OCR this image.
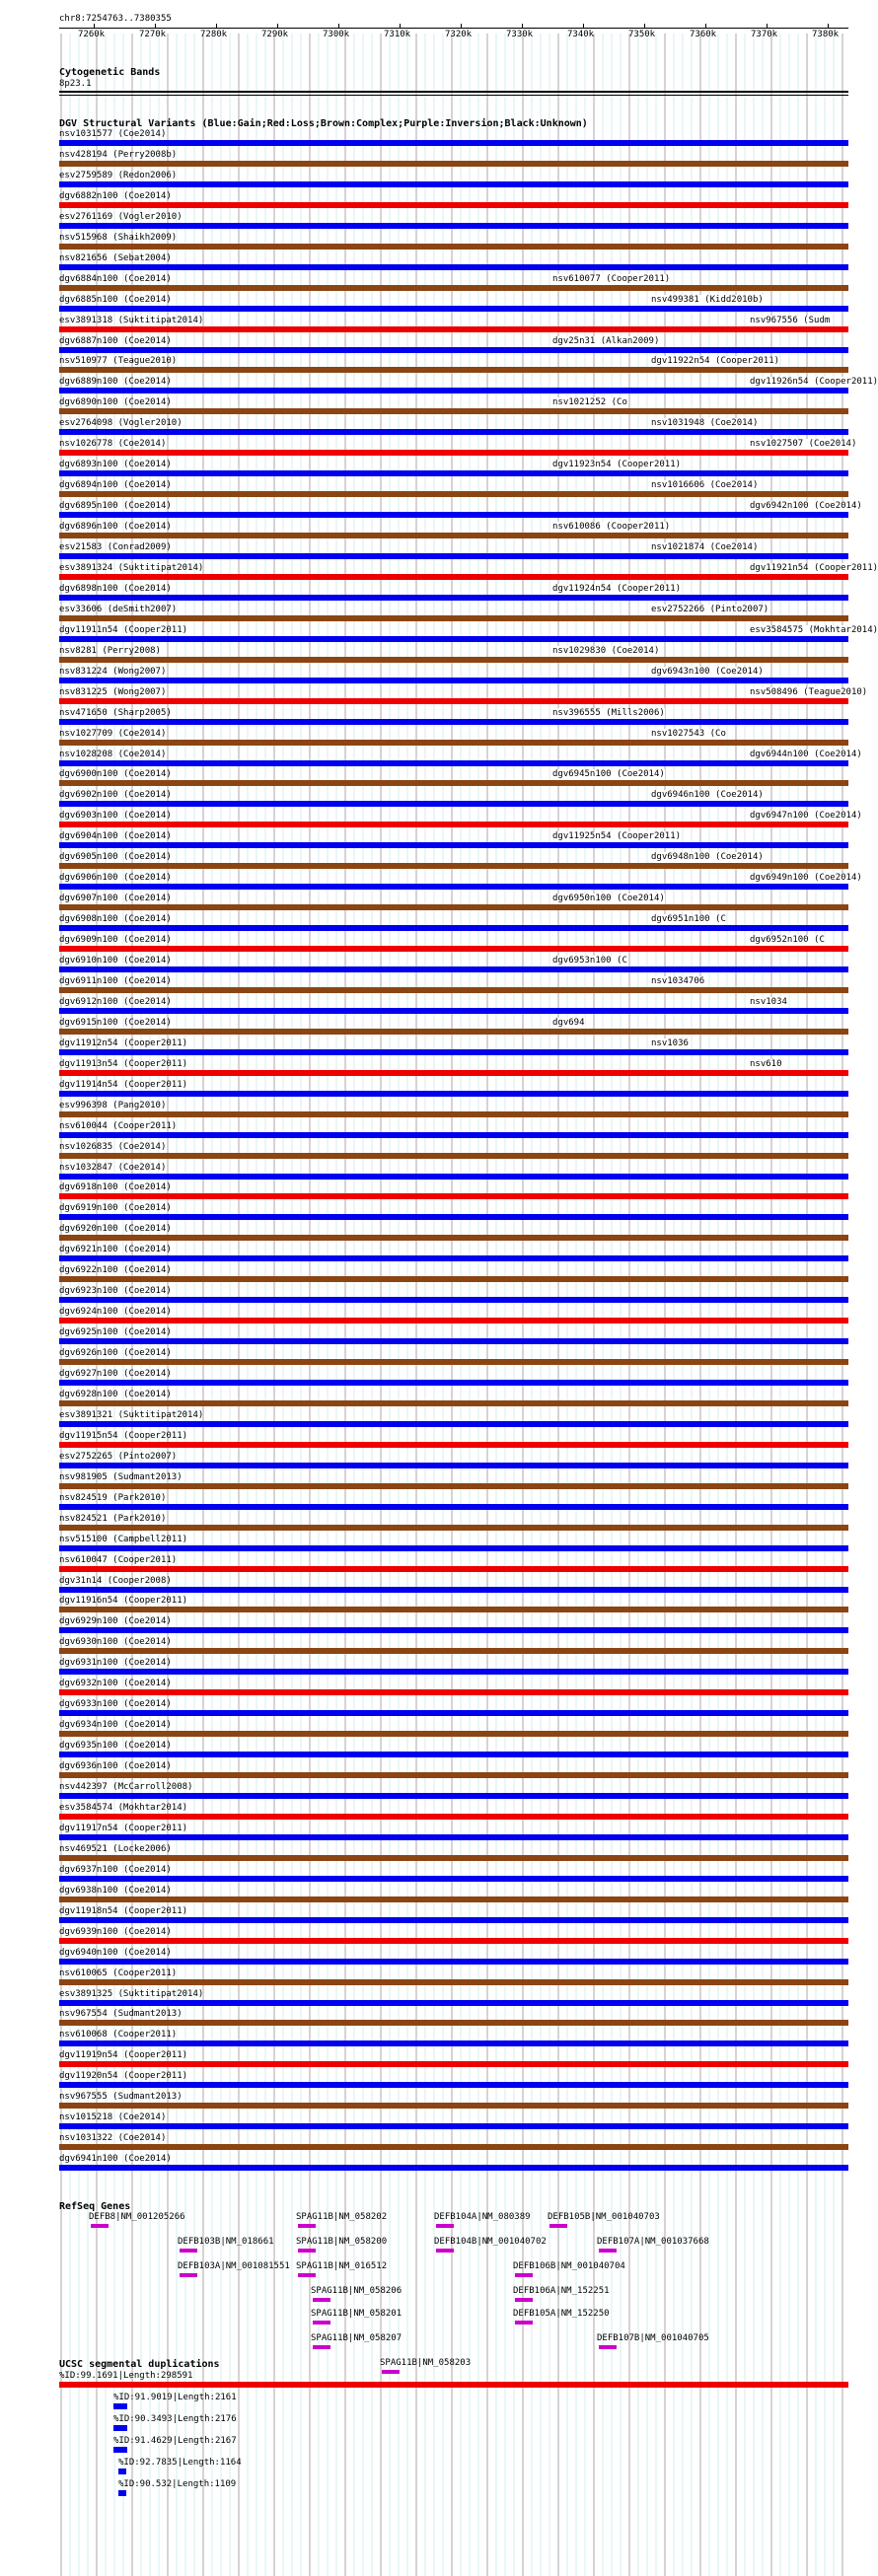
chr8:7254763..7380355
7260k	7270k	7280k	7290k	7300k	7310k	7320k	7330k	7340k	7350k	7360k	7370k	7380k
Cytogenetic Bands
8p23.1
DGV Structural Variants (Blue:Gain;Red:Loss;Brown:Complex;Purple:Inversion;Black:Unknown)
nsv1031577 (Coe2014)
nsv428194 (Perry2008b)
esv2759589 (Redon2006)
dgv6882n100 (Coe2014)
esv2761169 (Vogler2010)
nsv515968 (Shaikh2009)
nsv821656 (Sebat2004)
dgv6884n100 (Coe2014)
dgv6885n100 (Coe2014)
esv3891318 (Suktitipat2014)
dgv6887n100 (Coe2014)
nsv510977 (Teague2010)
dgv6889n100 (Coe2014)
dgv6890n100 (Coe2014)
esv2764098 (Vogler2010)
nsv1026778 (Coe2014)
dgv6893n100 (Coe2014)
dgv6894n100 (Coe2014)
dgv6895n100 (Coe2014)
dgv6896n100 (Coe2014)
esv21583 (Conrad2009)
esv3891324 (Suktitipat2014)
dgv6898n100 (Coe2014)
esv33606 (deSmith2007)
dgv11911n54 (Cooper2011)
nsv8281 (Perry2008)
nsv831224 (Wong2007)
nsv831225 (Wong2007)
nsv471650 (Sharp2005)
nsv1027709 (Coe2014)
nsv1028208 (Coe2014)
dgv6900n100 (Coe2014)
dgv6902n100 (Coe2014)
dgv6903n100 (Coe2014)
dgv6904n100 (Coe2014)
dgv6905n100 (Coe2014)
dgv6906n100 (Coe2014)
dgv6907n100 (Coe2014)
dgv6908n100 (Coe2014)
dgv6909n100 (Coe2014)
dgv6910n100 (Coe2014)
dgv6911n100 (Coe2014)
dgv6912n100 (Coe2014)
dgv6915n100 (Coe2014)
dgv11912n54 (Cooper2011)
dgv11913n54 (Cooper2011)
dgv11914n54 (Cooper2011)
esv996398 (Pang2010)
nsv610044 (Cooper2011)
nsv1026835 (Coe2014)
nsv1032847 (Coe2014)
dgv6918n100 (Coe2014)
dgv6919n100 (Coe2014)
dgv6920n100 (Coe2014)
dgv6921n100 (Coe2014)
dgv6922n100 (Coe2014)
dgv6923n100 (Coe2014)
dgv6924n100 (Coe2014)
dgv6925n100 (Coe2014)
dgv6926n100 (Coe2014)
dgv6927n100 (Coe2014)
dgv6928n100 (Coe2014)
esv3891321 (Suktitipat2014)
dgv11915n54 (Cooper2011)
esv2752265 (Pinto2007)
nsv981905 (Sudmant2013)
nsv824519 (Park2010)
nsv824521 (Park2010)
nsv515100 (Campbell2011)
nsv610047 (Cooper2011)
dgv31n14 (Cooper2008)
dgv11916n54 (Cooper2011)
dgv6929n100 (Coe2014)
dgv6930n100 (Coe2014)
dgv6931n100 (Coe2014)
dgv6932n100 (Coe2014)
dgv6933n100 (Coe2014)
dgv6934n100 (Coe2014)
dgv6935n100 (Coe2014)
dgv6936n100 (Coe2014)
nsv442397 (McCarroll2008)
esv3584574 (Mokhtar2014)
dgv11917n54 (Cooper2011)
nsv469521 (Locke2006)
dgv6937n100 (Coe2014)
dgv6938n100 (Coe2014)
dgv11918n54 (Cooper2011)
dgv6939n100 (Coe2014)
dgv6940n100 (Coe2014)
nsv610065 (Cooper2011)
esv3891325 (Suktitipat2014)
nsv967554 (Sudmant2013)
nsv610068 (Cooper2011)
dgv11919n54 (Cooper2011)
dgv11920n54 (Cooper2011)
nsv967555 (Sudmant2013)
nsv1015218 (Coe2014)
nsv1031322 (Coe2014)
dgv6941n100 (Coe2014)
nsv610077 (Cooper2011)
nsv499381 (Kidd2010b)
nsv967556 (Sudm
dgv25n31 (Alkan2009)
dgv11922n54 (Cooper2011)
dgv11926n54 (Cooper2011)
nsv1021252 (Co
nsv1031948 (Coe2014)
nsv1027507 (Coe2014)
dgv11923n54 (Cooper2011)
nsv1016606 (Coe2014)
dgv6942n100 (Coe2014)
nsv610086 (Cooper2011)
nsv1021874 (Coe2014)
dgv11921n54 (Cooper2011)
dgv11924n54 (Cooper2011)
esv2752266 (Pinto2007)
esv3584575 (Mokhtar2014)
nsv1029830 (Coe2014)
dgv6943n100 (Coe2014)
nsv508496 (Teague2010)
nsv396555 (Mills2006)
nsv1027543 (Co
dgv6944n100 (Coe2014)
dgv6945n100 (Coe2014)
dgv6946n100 (Coe2014)
dgv6947n100 (Coe2014)
dgv11925n54 (Cooper2011)
dgv6948n100 (Coe2014)
dgv6949n100 (Coe2014)
dgv6950n100 (Coe2014)
dgv6951n100 (C
dgv6952n100 (C
dgv6953n100 (C
nsv1034706
nsv1034
dgv694
nsv1036
nsv610
RefSeq Genes
DEFB8|NM_001205266	SPAG11B|NM_058202	DEFB104A|NM_080389 DEFB105B|NM_001040703
DEFB103B|NM_018661 SPAG11B|NM_058200	DEFB104B|NM_001040702	DEFB107A|NM_001037668
DEFB103A|NM_001081551 SPAG11B|NM_016512	DEFB106B|NM_001040704
SPAG11B|NM_058206	DEFB106A|NM_152251
SPAG11B|NM_058201	DEFB105A|NM_152250
SPAG11B|NM_058207	DEFB107B|NM_001040705
SPAG11B|NM_058203
UCSC segmental duplications
%ID:99.1691|Length:298591
%ID:91.9019|Length:2161
%ID:90.3493|Length:2176
%ID:91.4629|Length:2167
%ID:92.7835|Length:1164
%ID:90.532|Length:1109
